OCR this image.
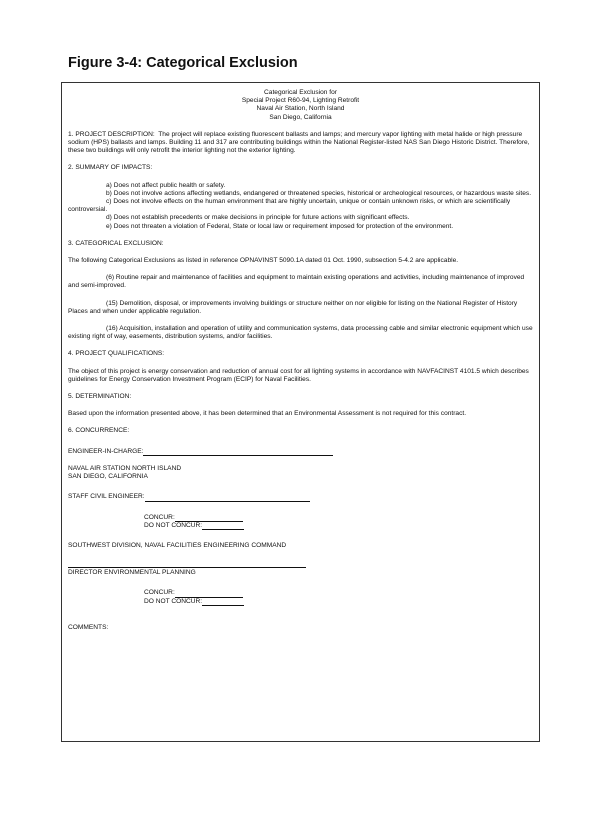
Figure 3-4: Categorical Exclusion
Categorical Exclusion for
Special Project R60-94, Lighting Retrofit
Naval Air Station, North Island
San Diego, California

1. PROJECT DESCRIPTION: The project will replace existing fluorescent ballasts and lamps; and mercury vapor lighting with metal halide or high pressure sodium (HPS) ballasts and lamps. Building 11 and 317 are contributing buildings within the National Register-listed NAS San Diego Historic District. Therefore, these two buildings will only retrofit the interior lighting not the exterior lighting.

2. SUMMARY OF IMPACTS:

a) Does not affect public health or safety.

b) Does not involve actions affecting wetlands, endangered or threatened species, historical or archeological resources, or hazardous waste sites.

c) Does not involve effects on the human environment that are highly uncertain, unique or contain unknown risks, or which are scientifically controversial.

d) Does not establish precedents or make decisions in principle for future actions with significant effects.

e) Does not threaten a violation of Federal, State or local law or requirement imposed for protection of the environment.

3. CATEGORICAL EXCLUSION:

The following Categorical Exclusions as listed in reference OPNAVINST 5090.1A dated 01 Oct. 1990, subsection 5-4.2 are applicable.

(6) Routine repair and maintenance of facilities and equipment to maintain existing operations and activities, including maintenance of improved and semi-improved.

(15) Demolition, disposal, or improvements involving buildings or structure neither on nor eligible for listing on the National Register of History Places and when under applicable regulation.

(16) Acquisition, installation and operation of utility and communication systems, data processing cable and similar electronic equipment which use existing right of way, easements, distribution systems, and/or facilities.

4. PROJECT QUALIFICATIONS:

The object of this project is energy conservation and reduction of annual cost for all lighting systems in accordance with NAVFACINST 4101.5 which describes guidelines for Energy Conservation Investment Program (ECIP) for Naval Facilities.

5. DETERMINATION:

Based upon the information presented above, it has been determined that an Environmental Assessment is not required for this contract.

6. CONCURRENCE:

ENGINEER-IN-CHARGE:
NAVAL AIR STATION NORTH ISLAND
SAN DIEGO, CALIFORNIA
STAFF CIVIL ENGINEER:
CONCUR:
DO NOT CONCUR:
SOUTHWEST DIVISION, NAVAL FACILITIES ENGINEERING COMMAND
DIRECTOR ENVIRONMENTAL PLANNING
CONCUR:
DO NOT CONCUR:
COMMENTS:
